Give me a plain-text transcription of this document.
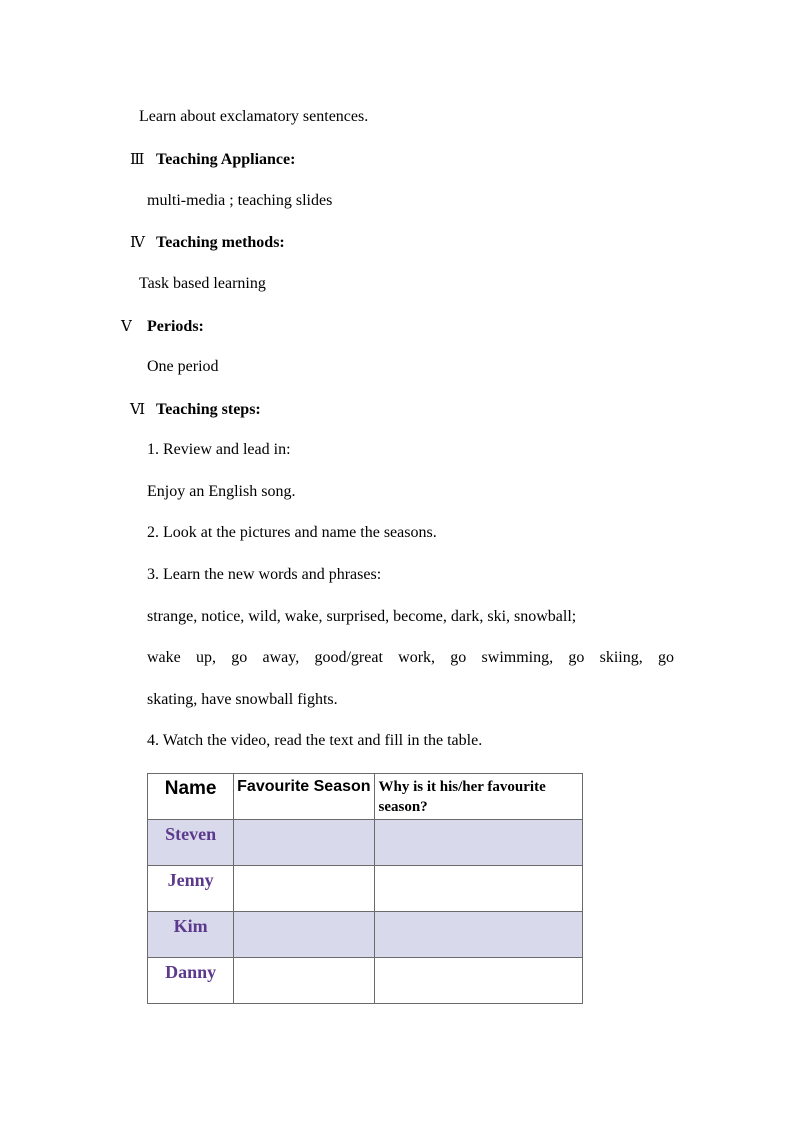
Learn about exclamatory sentences.
Ⅲ Teaching Appliance:
multi-media ; teaching slides
Ⅳ Teaching methods:
Task based learning
Ⅴ Periods:
One period
Ⅵ Teaching steps:
1. Review and lead in:
Enjoy an English song.
2. Look at the pictures and name the seasons.
3. Learn the new words and phrases:
strange, notice, wild, wake, surprised, become, dark, ski, snowball;
wake up, go away, good/great work, go swimming, go skiing, go
skating, have snowball fights.
4. Watch the video, read the text and fill in the table.
Name	Favourite Season	Why is it his/her favourite season?
Steven		
Jenny		
Kim		
Danny		
